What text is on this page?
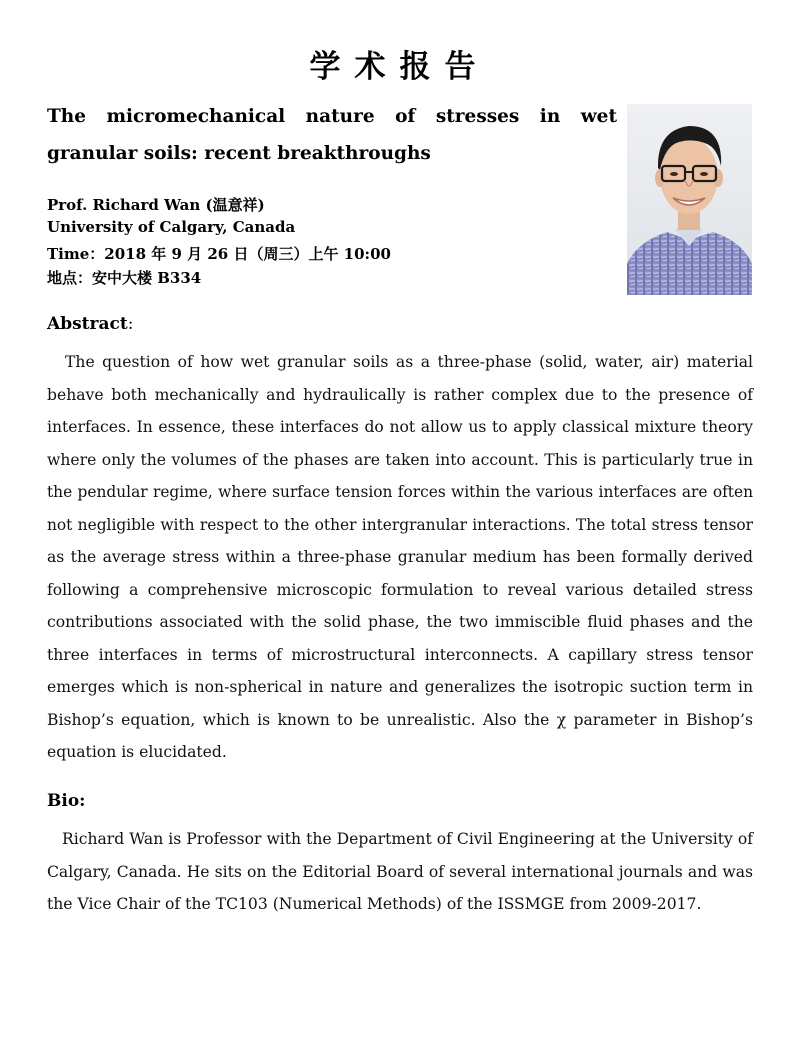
学术报告
The micromechanical nature of stresses in wet granular soils: recent breakthroughs
Prof. Richard Wan (温意祥)
University of Calgary, Canada
Time：2018 年 9 月 26 日（周三）上午 10:00
地点：安中大楼 B334
Abstract:
The question of how wet granular soils as a three-phase (solid, water, air) material
behave both mechanically and hydraulically is rather complex due to the presence of
interfaces. In essence, these interfaces do not allow us to apply classical mixture theory
where only the volumes of the phases are taken into account. This is particularly true in
the pendular regime, where surface tension forces within the various interfaces are often
not negligible with respect to the other intergranular interactions. The total stress tensor
as the average stress within a three-phase granular medium has been formally derived
following a comprehensive microscopic formulation to reveal various detailed stress
contributions associated with the solid phase, the two immiscible fluid phases and the
three interfaces in terms of microstructural interconnects. A capillary stress tensor
emerges which is non-spherical in nature and generalizes the isotropic suction term in
Bishop’s equation, which is known to be unrealistic. Also the χ parameter in Bishop’s
equation is elucidated.
Bio:
Richard Wan is Professor with the Department of Civil Engineering at the University of
Calgary, Canada. He sits on the Editorial Board of several international journals and was
the Vice Chair of the TC103 (Numerical Methods) of the ISSMGE from 2009-2017.
